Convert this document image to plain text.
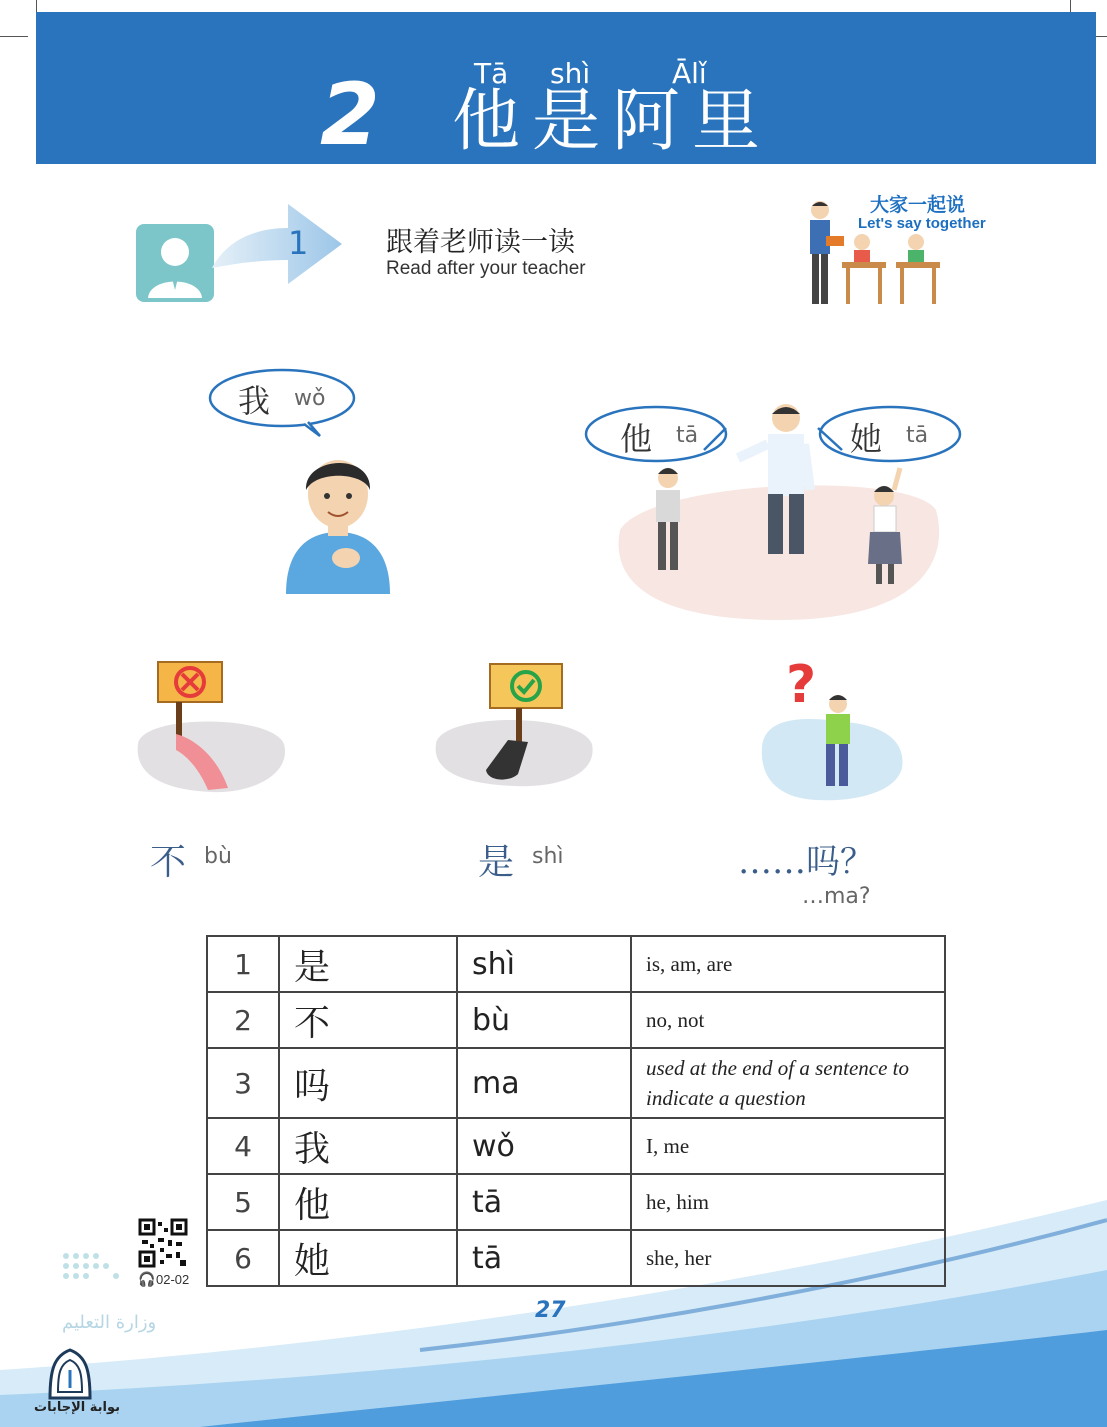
2	Tā shì	Ālǐ
他 是 阿 里
1	跟着老师读一读
Read after your teacher
大家一起说
Let's say together
我 wǒ
他 tā	她 tā
?
不 bù	是 shì	……吗？
…ma?
1	是	shì	is, am, are
2	不	bù	no, not
3	吗	ma	used at the end of a sentence to indicate a question
4	我	wǒ	I, me
5	他	tā	he, him
6	她	tā	she, her
🎧 02-02
وزارة التعليم	27
بوابة الإجابات
